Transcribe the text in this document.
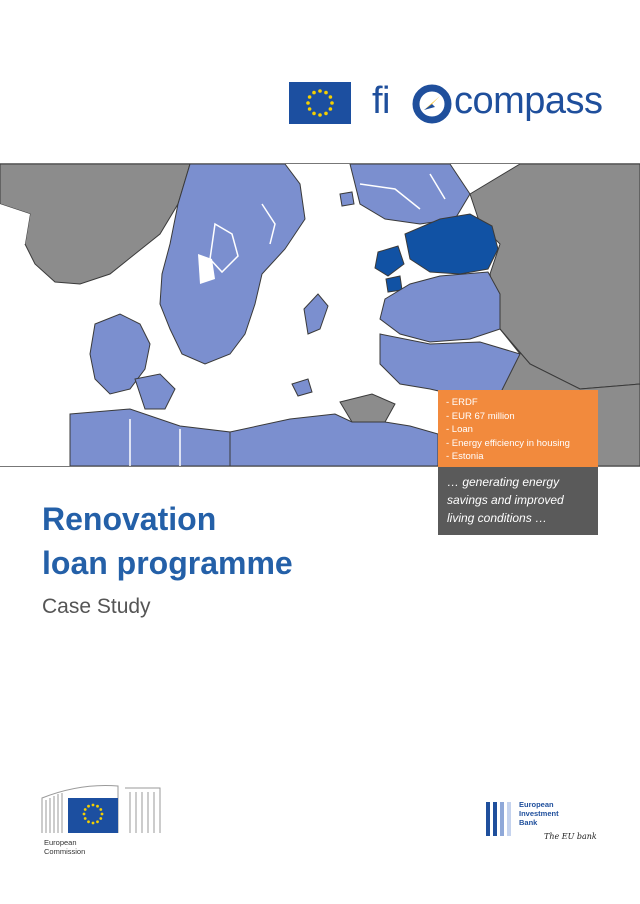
fi compass
- ERDF
- EUR 67 million
- Loan
- Energy efficiency in housing
- Estonia
… generating energy
savings and improved
living conditions …
Renovation
loan programme
Case Study
European
Commission
European
Investment
Bank
The EU bank
